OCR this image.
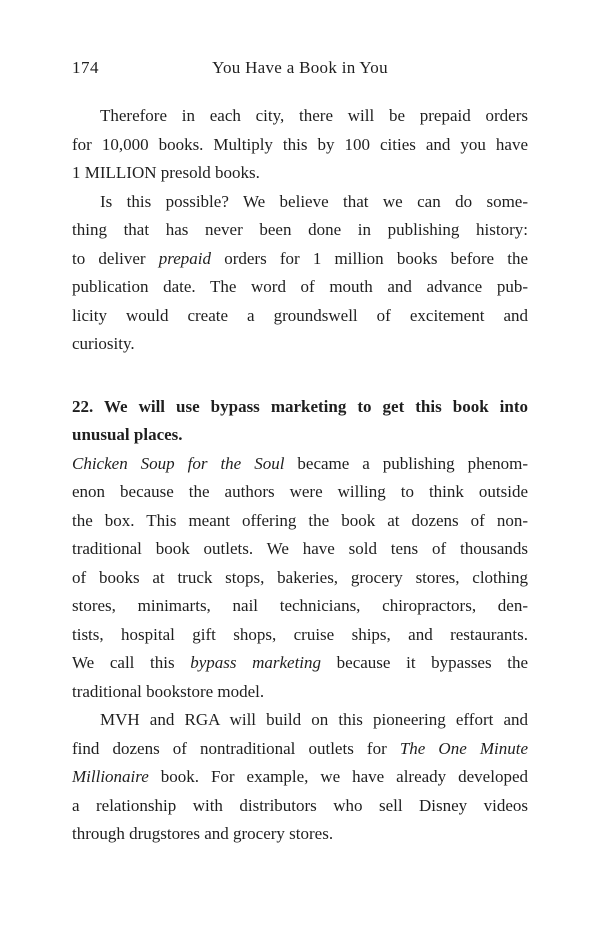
174	You Have a Book in You
Therefore in each city, there will be prepaid orders
for 10,000 books. Multiply this by 100 cities and you have
1 MILLION presold books.
Is this possible? We believe that we can do some-
thing that has never been done in publishing history:
to deliver prepaid orders for 1 million books before the
publication date. The word of mouth and advance pub-
licity would create a groundswell of excitement and
curiosity.
22. We will use bypass marketing to get this book into
unusual places.
Chicken Soup for the Soul became a publishing phenom-
enon because the authors were willing to think outside
the box. This meant offering the book at dozens of non-
traditional book outlets. We have sold tens of thousands
of books at truck stops, bakeries, grocery stores, clothing
stores, minimarts, nail technicians, chiropractors, den-
tists, hospital gift shops, cruise ships, and restaurants.
We call this bypass marketing because it bypasses the
traditional bookstore model.
MVH and RGA will build on this pioneering effort and
find dozens of nontraditional outlets for The One Minute
Millionaire book. For example, we have already developed
a relationship with distributors who sell Disney videos
through drugstores and grocery stores.
